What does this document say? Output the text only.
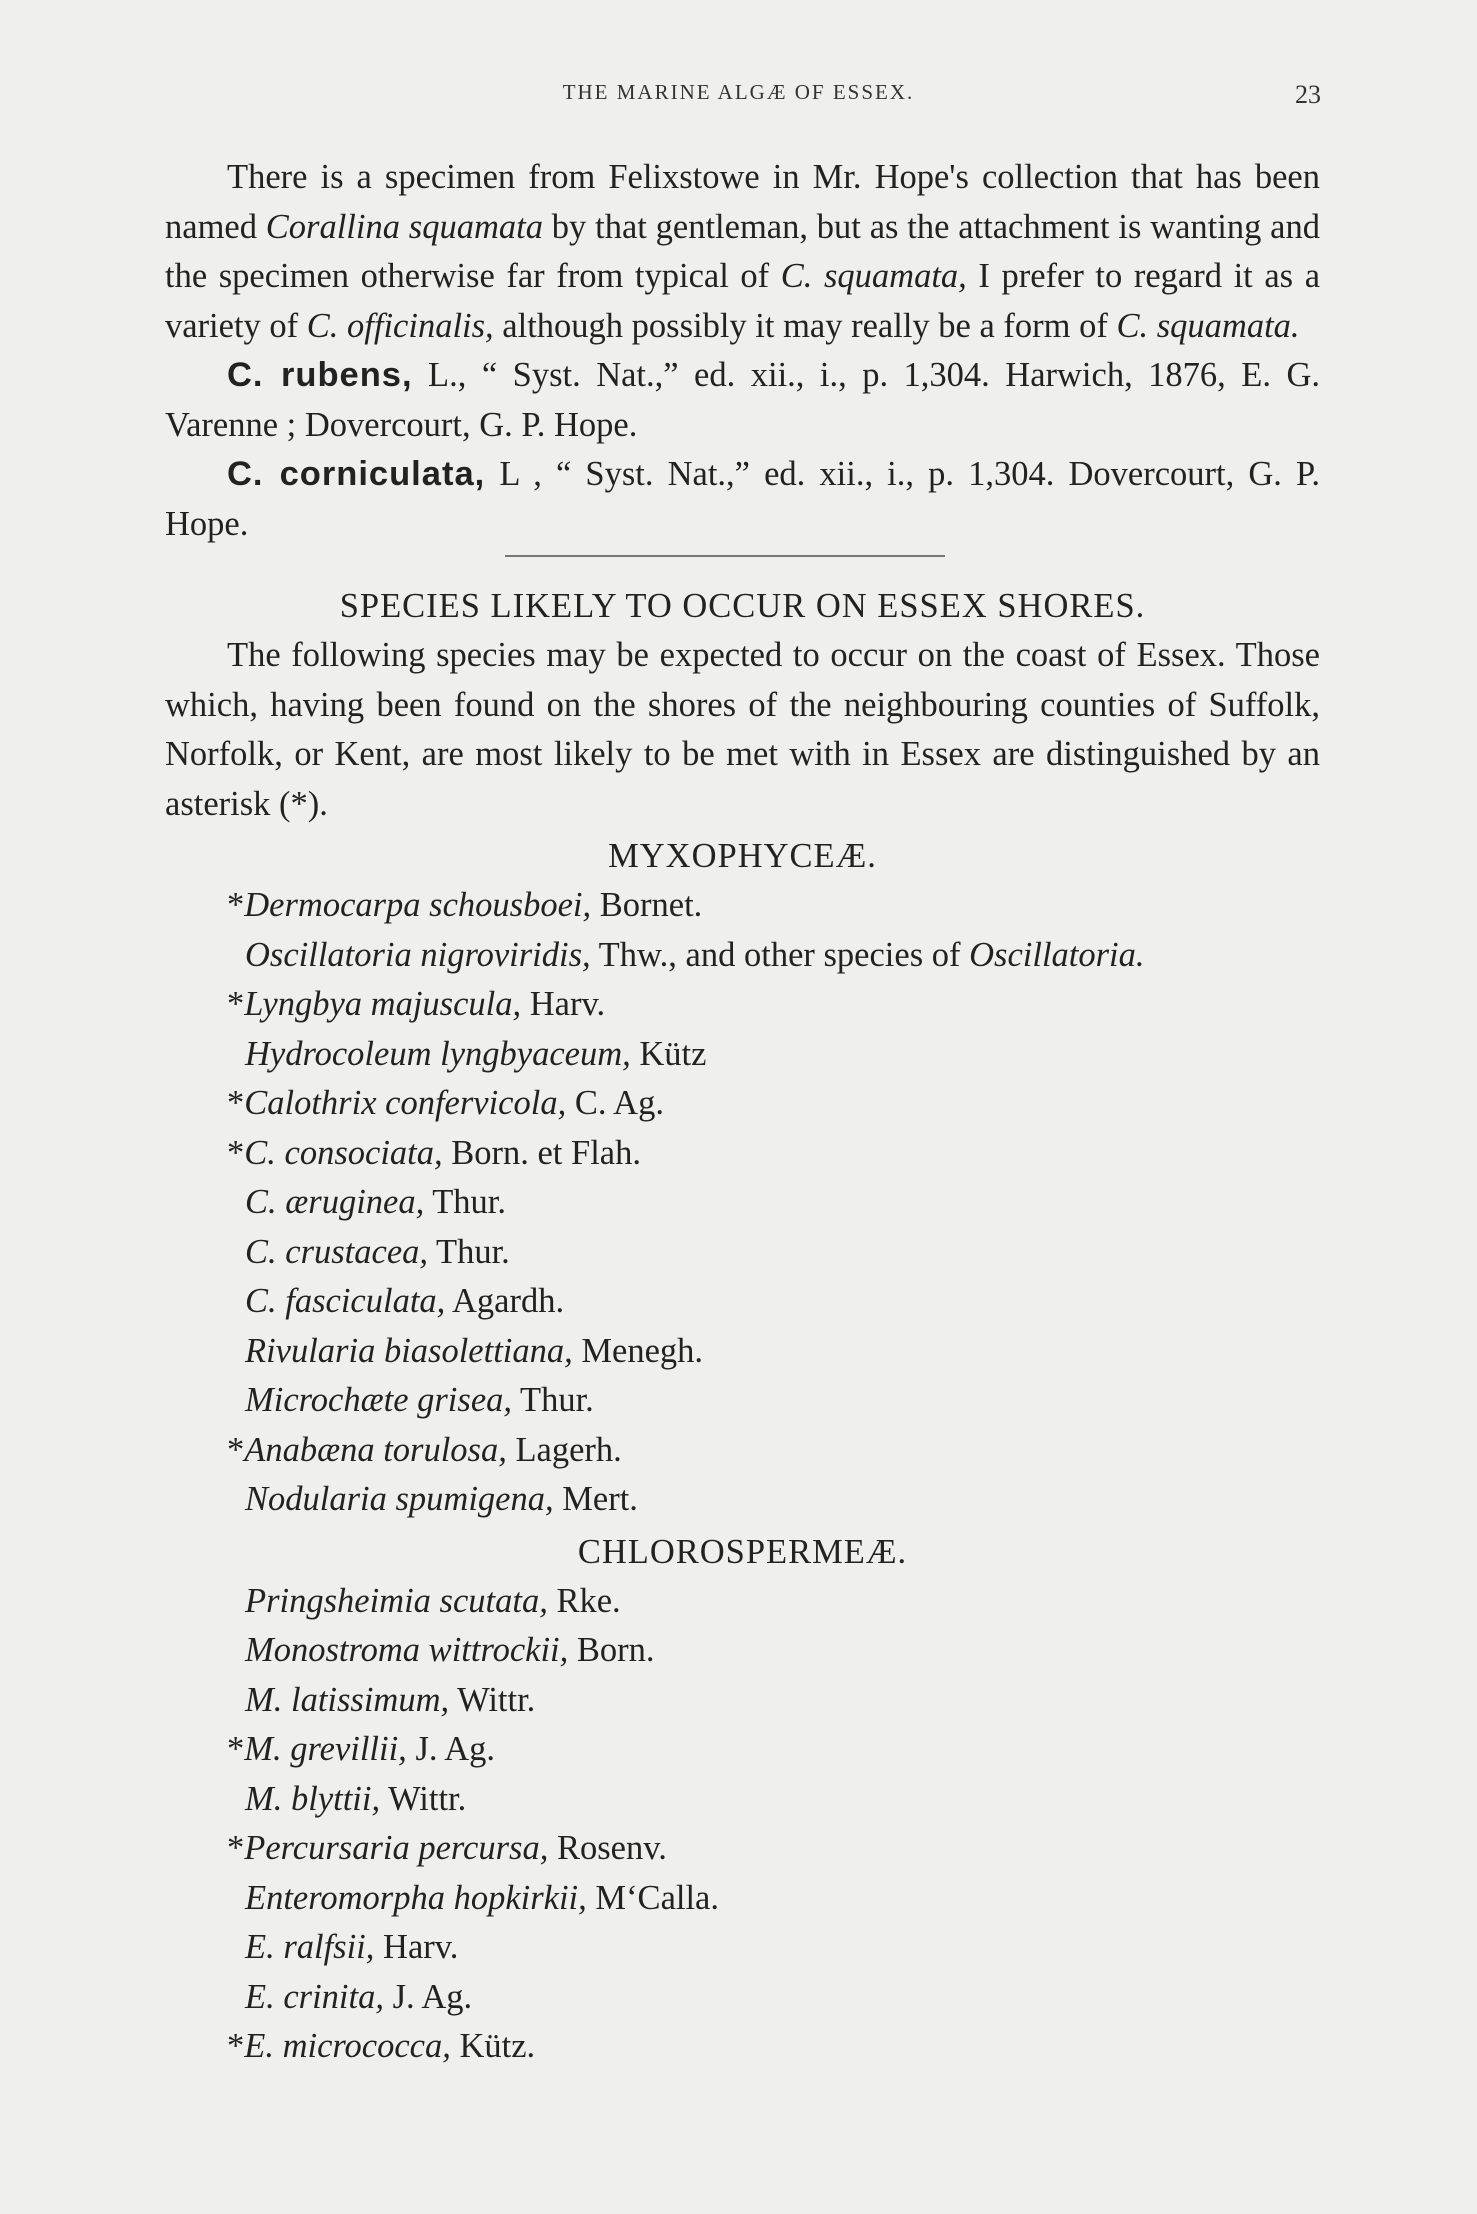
THE MARINE ALGÆ OF ESSEX.	23

There is a specimen from Felixstowe in Mr. Hope's collection that has been named Corallina squamata by that gentleman, but as the attachment is wanting and the specimen otherwise far from typical of C. squamata, I prefer to regard it as a variety of C. officinalis, although possibly it may really be a form of C. squamata.

C. rubens, L., “ Syst. Nat.,” ed. xii., i., p. 1,304. Harwich, 1876, E. G. Varenne ; Dovercourt, G. P. Hope.

C. corniculata, L , “ Syst. Nat.,” ed. xii., i., p. 1,304. Dovercourt, G. P. Hope.

SPECIES LIKELY TO OCCUR ON ESSEX SHORES.

The following species may be expected to occur on the coast of Essex. Those which, having been found on the shores of the neighbouring counties of Suffolk, Norfolk, or Kent, are most likely to be met with in Essex are distinguished by an asterisk (*).

MYXOPHYCEÆ.

*Dermocarpa schousboei, Bornet.

Oscillatoria nigroviridis, Thw., and other species of Oscillatoria.

*Lyngbya majuscula, Harv.

Hydrocoleum lyngbyaceum, Kütz

*Calothrix confervicola, C. Ag.

*C. consociata, Born. et Flah.

C. æruginea, Thur.

C. crustacea, Thur.

C. fasciculata, Agardh.

Rivularia biasolettiana, Menegh.

Microchæte grisea, Thur.

*Anabæna torulosa, Lagerh.

Nodularia spumigena, Mert.

CHLOROSPERMEÆ.

Pringsheimia scutata, Rke.

Monostroma wittrockii, Born.

M. latissimum, Wittr.

*M. grevillii, J. Ag.

M. blyttii, Wittr.

*Percursaria percursa, Rosenv.

Enteromorpha hopkirkii, M‘Calla.

E. ralfsii, Harv.

E. crinita, J. Ag.

*E. micrococca, Kütz.
